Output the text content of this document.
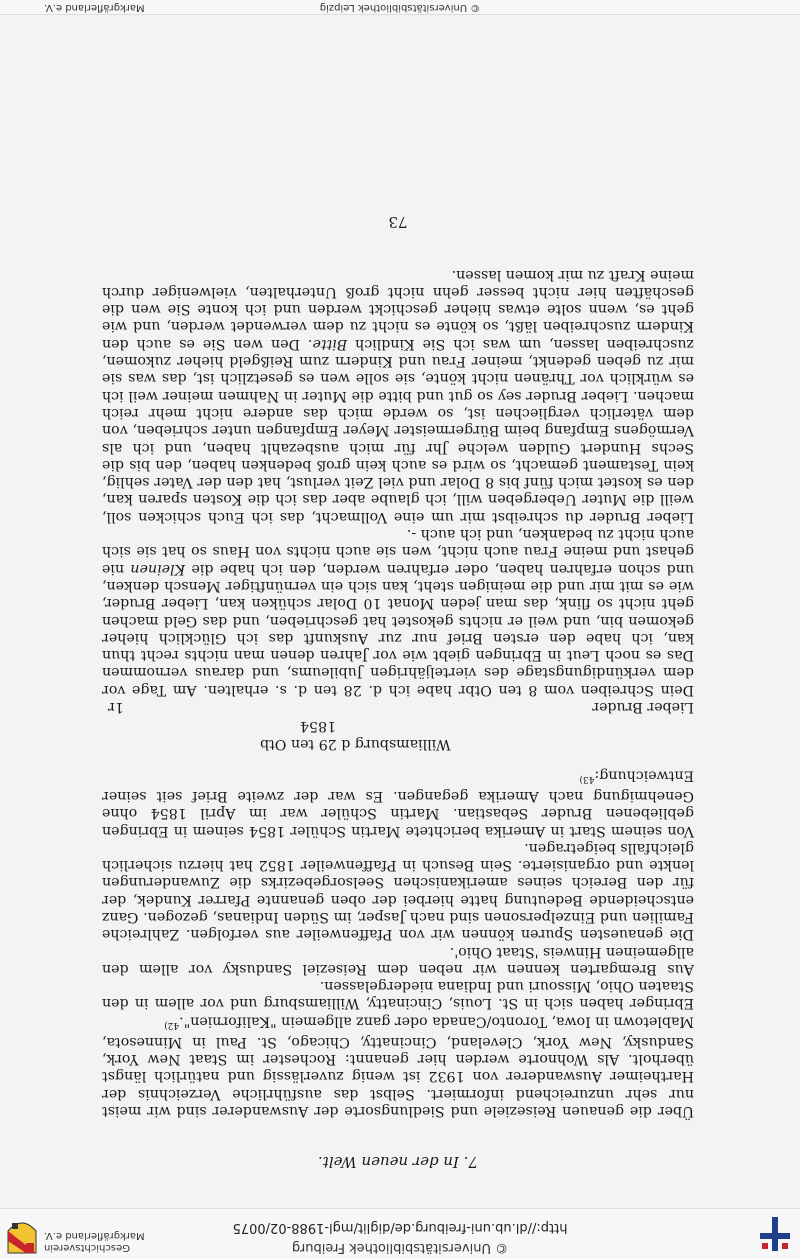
© Universitätsbibliothek Freiburg
http://dl.ub.uni-freiburg.de/diglit/mgl-1988-02/0075
Geschichtsverein
Markgräflerland e.V.
7. In der neuen Welt.

Über die genauen Reiseziele und Siedlungsorte der Auswanderer sind wir meist nur sehr unzureichend informiert. Selbst das ausführliche Verzeichnis der Hartheimer Auswanderer von 1932 ist wenig zuverlässig und natürlich längst überholt. Als Wohnorte werden hier genannt: Rochester im Staat New York, Sandusky, New York, Cleveland, Cincinatty, Chicago, St. Paul in Minnesota, Mabletown in Iowa, Toronto/Canada oder ganz allgemein "Kalifornien".$^{42)}$

Ebringer haben sich in St. Louis, Cincinatty, Williamsburg und vor allem in den Staaten Ohio, Missouri und Indiana niedergelassen.

Aus Bremgarten kennen wir neben dem Reiseziel Sandusky vor allem den allgemeinen Hinweis 'Staat Ohio'.

Die genauesten Spuren können wir von Pfaffenweiler aus verfolgen. Zahlreiche Familien und Einzelpersonen sind nach Jasper, im Süden Indianas, gezogen. Ganz entscheidende Bedeutung hatte hierbei der oben genannte Pfarrer Kundek, der für den Bereich seines amerikanischen Seelsorgebezirks die Zuwanderungen lenkte und organisierte. Sein Besuch in Pfaffenweiler 1852 hat hierzu sicherlich gleichfalls beigetragen.

Von seinem Start in Amerika berichtete Martin Schüler 1854 seinem in Ebringen gebliebenen Bruder Sebastian. Martin Schüler war im April 1854 ohne Genehmigung nach Amerika gegangen. Es war der zweite Brief seit seiner Entweichung:$^{43)}$

Williamsburg d 29 ten Otb
1854
Lieber Bruder
1r

Dein Schreiben vom 8 ten Otbr habe ich d. 28 ten d. s. erhalten. Am Tage vor dem verkündigungstage des vierteljährigen Jubileums, und daraus vernommen Das es noch Leut in Ebringen giebt wie vor Jahren denen man nichts recht thun kan, ich habe den ersten Brief nur zur Auskunft das ich Glücklich hieher gekomen bin, und weil er nichts gekostet hat geschrieben, und das Geld machen geht nicht so flink, das man jeden Monat 10 Dolar schüken kan, Lieber Bruder, wie es mit mir und die meinigen steht, kan sich ein vernünftiger Mensch denken, und schon erfahren haben, oder erfahren werden, den ich habe die Kleinen nie gehast und meine Frau auch nicht, wen sie auch nichts von Haus so hat sie sich auch nicht zu bedanken, und ich auch -.

Lieber Bruder du schreibst mir um eine Vollmacht, das ich Euch schicken soll, weill die Muter Uebergeben will, ich glaube aber das ich die Kosten sparen kan, den es kostet mich fünf bis 8 Dolar und viel Zeit verlust, hat den der Vater sehlig, kein Testament gemacht, so wird es auch kein groß bedenken haben, den bis die Sechs Hundert Gulden welche Jhr für mich ausbezahlt haben, und ich als Vermögens Empfang beim Bürgermeister Meyer Empfangen unter schrieben, von dem väterlich vergliechen ist, so werde mich das andere nicht mehr reich machen. Lieber Bruder sey so gut und bitte die Muter in Nahmen meiner weil ich es würklich vor Thränen nicht könte, sie solle wen es gesetzlich ist, das was sie mir zu geben gedenkt, meiner Frau und Kindern zum Reißgeld hieher zukomen, zuschreiben lassen, um was ich Sie Kindlich Bitte. Den wen Sie es auch den Kindern zuschreiben läßt, so könte es nicht zu dem verwendet werden, und wie geht es, wenn solte etwas hieher geschickt werden und ich konte Sie wen die geschäften hier nicht besser gehn nicht groß Unterhalten, vielweniger durch meine Kraft zu mir komen lassen.

73
© Universitätsbibliothek Leipzig
Markgräflerland e.V.
